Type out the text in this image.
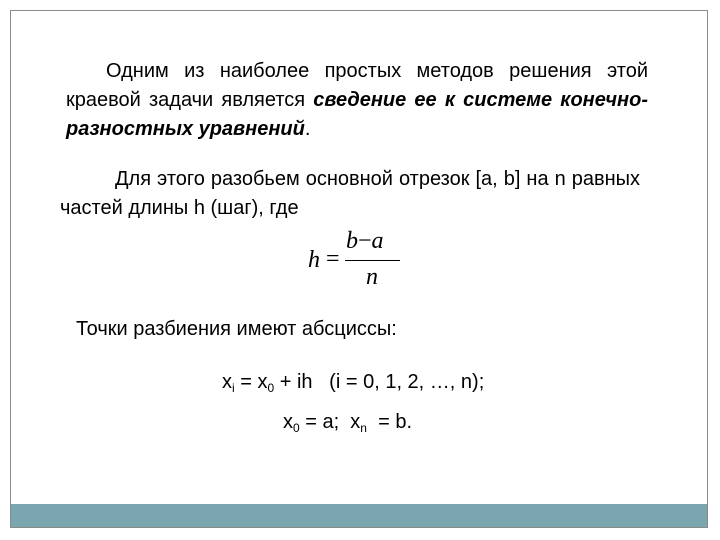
Одним из наиболее простых методов решения этой краевой задачи является сведение ее к системе конечно-разностных уравнений.
Для этого разобьем основной отрезок [a, b] на n равных частей длины h (шаг), где
h =
b−a
n
Точки разбиения имеют абсциссы:
$x_i = x_0$ + ih   (i = 0, 1, 2, …, n);
$x_0 = a$;  $x_n = b$.
